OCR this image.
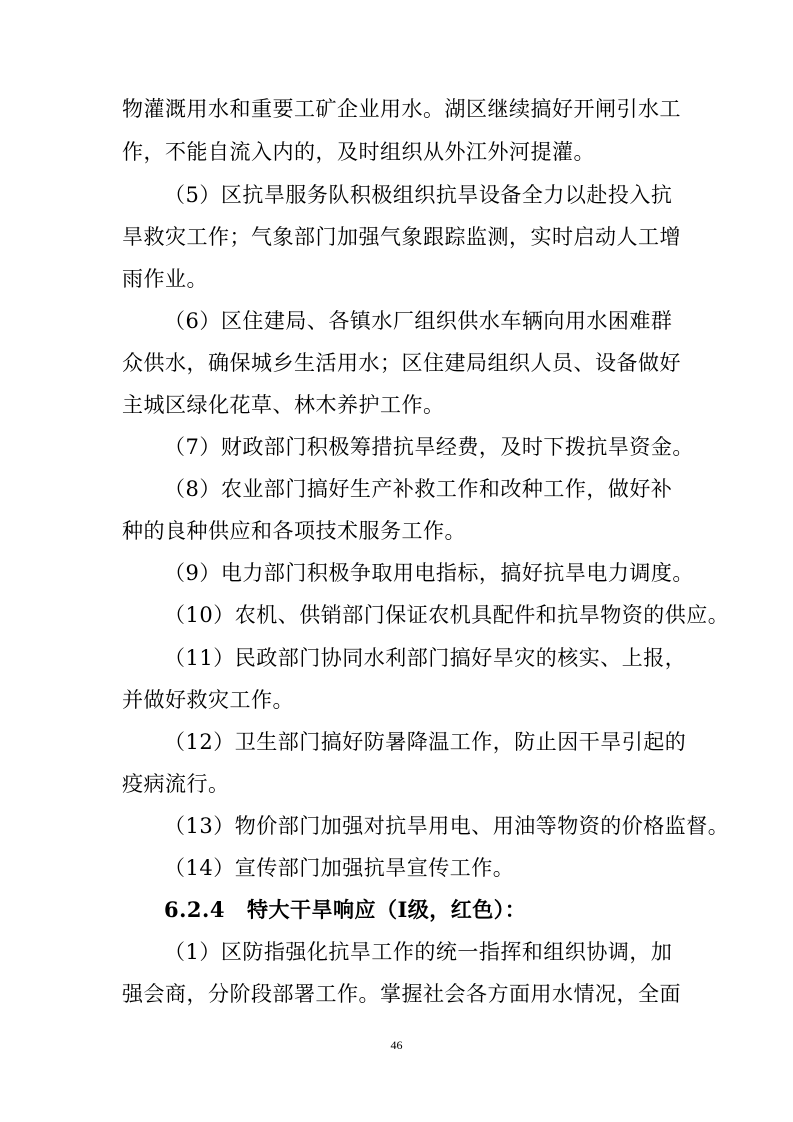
物灌溉用水和重要工矿企业用水。湖区继续搞好开闸引水工
作，不能自流入内的，及时组织从外江外河提灌。
（5）区抗旱服务队积极组织抗旱设备全力以赴投入抗
旱救灾工作；气象部门加强气象跟踪监测，实时启动人工增
雨作业。
（6）区住建局、各镇水厂组织供水车辆向用水困难群
众供水，确保城乡生活用水；区住建局组织人员、设备做好
主城区绿化花草、林木养护工作。
（7）财政部门积极筹措抗旱经费，及时下拨抗旱资金。
（8）农业部门搞好生产补救工作和改种工作，做好补
种的良种供应和各项技术服务工作。
（9）电力部门积极争取用电指标，搞好抗旱电力调度。
（10）农机、供销部门保证农机具配件和抗旱物资的供应。
（11）民政部门协同水利部门搞好旱灾的核实、上报，
并做好救灾工作。
（12）卫生部门搞好防暑降温工作，防止因干旱引起的
疫病流行。
（13）物价部门加强对抗旱用电、用油等物资的价格监督。
（14）宣传部门加强抗旱宣传工作。
6.2.4 特大干旱响应（Ⅰ级，红色）：
（1）区防指强化抗旱工作的统一指挥和组织协调，加
强会商，分阶段部署工作。掌握社会各方面用水情况，全面
46
